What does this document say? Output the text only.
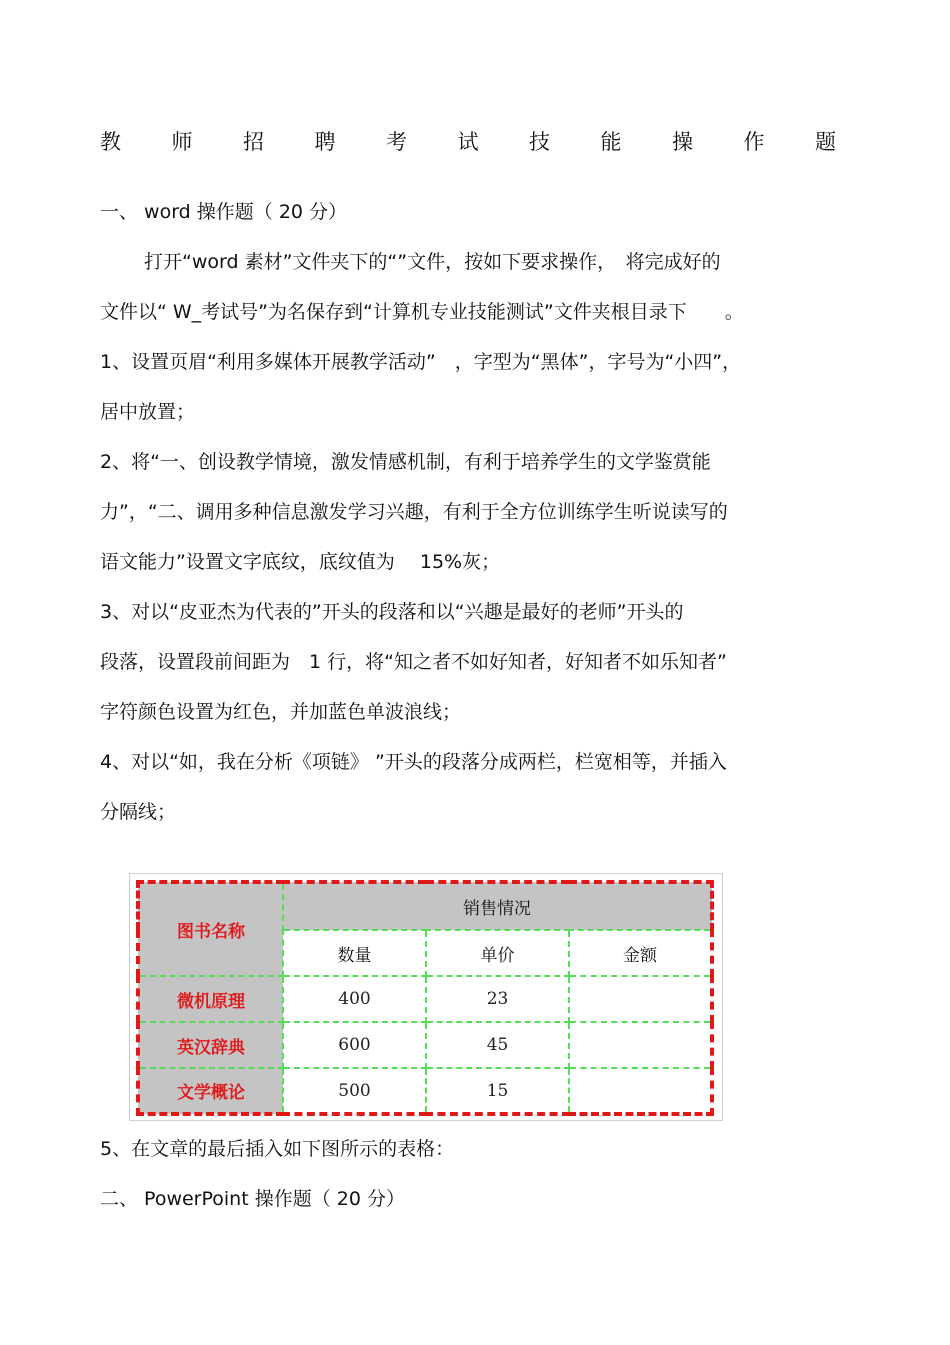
教 师 招 聘 考 试 技 能 操 作 题
一、 word 操作题（ 20 分）
打开“word 素材”文件夹下的“”文件，按如下要求操作，　将完成好的
文件以“ W_考试号”为名保存到“计算机专业技能测试”文件夹根目录下　　。
1、设置页眉“利用多媒体开展教学活动”　，字型为“黑体”，字号为“小四”，
居中放置；
2、将“一、创设教学情境，激发情感机制，有利于培养学生的文学鉴赏能
力”，“二、调用多种信息激发学习兴趣，有利于全方位训练学生听说读写的
语文能力”设置文字底纹，底纹值为　 15%灰；
3、对以“皮亚杰为代表的”开头的段落和以“兴趣是最好的老师”开头的
段落，设置段前间距为　1 行，将“知之者不如好知者，好知者不如乐知者”
字符颜色设置为红色，并加蓝色单波浪线；
4、对以“如，我在分析《项链》 ”开头的段落分成两栏，栏宽相等，并插入
分隔线；
图书名称	销售情况		
	数量	单价	金额
微机原理	400	23	
英汉辞典	600	45	
文学概论	500	15	
5、在文章的最后插入如下图所示的表格：
二、 PowerPoint 操作题（ 20 分）
